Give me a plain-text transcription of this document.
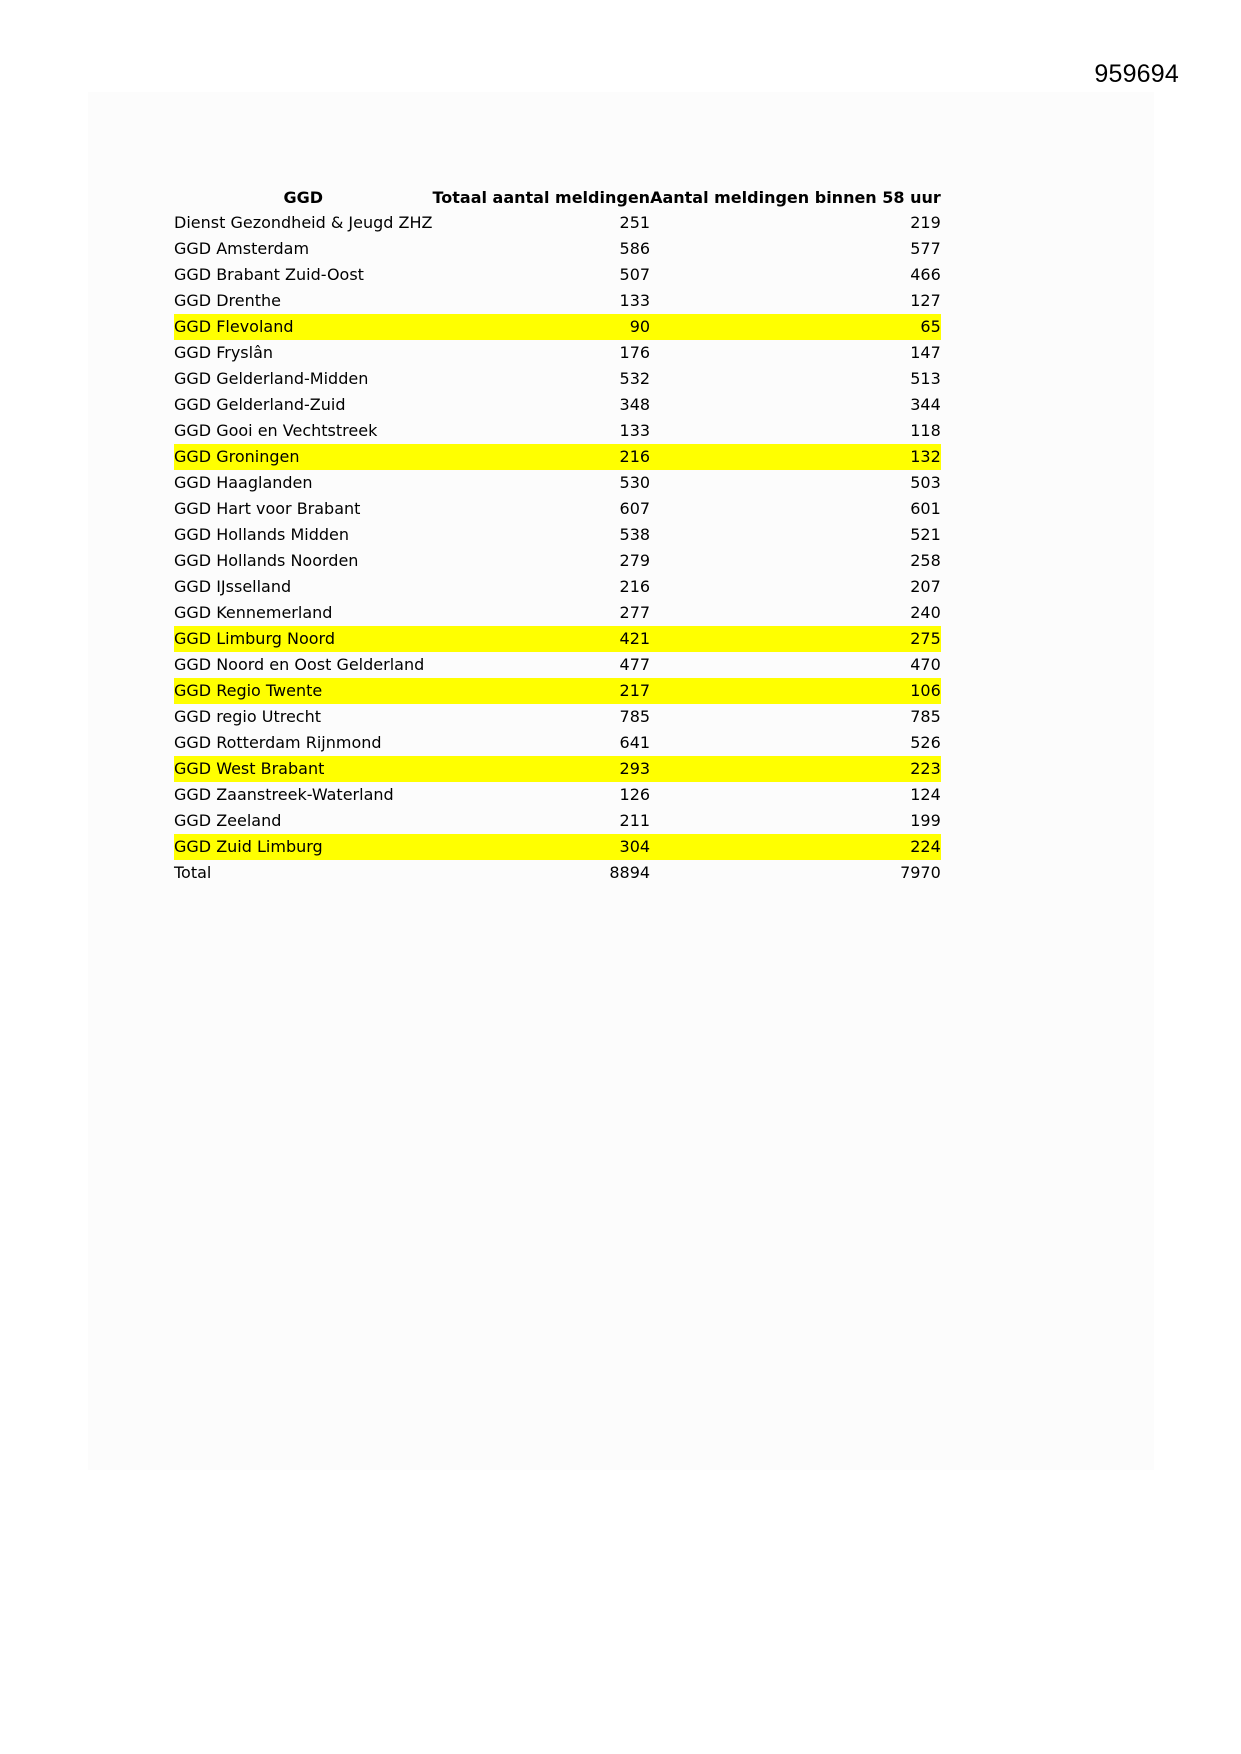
959694
GGD	Totaal aantal meldingen	Aantal meldingen binnen 58 uur
Dienst Gezondheid & Jeugd ZHZ	251	219
GGD Amsterdam	586	577
GGD Brabant Zuid-Oost	507	466
GGD Drenthe	133	127
GGD Flevoland	90	65
GGD Fryslân	176	147
GGD Gelderland-Midden	532	513
GGD Gelderland-Zuid	348	344
GGD Gooi en Vechtstreek	133	118
GGD Groningen	216	132
GGD Haaglanden	530	503
GGD Hart voor Brabant	607	601
GGD Hollands Midden	538	521
GGD Hollands Noorden	279	258
GGD IJsselland	216	207
GGD Kennemerland	277	240
GGD Limburg Noord	421	275
GGD Noord en Oost Gelderland	477	470
GGD Regio Twente	217	106
GGD regio Utrecht	785	785
GGD Rotterdam Rijnmond	641	526
GGD West Brabant	293	223
GGD Zaanstreek-Waterland	126	124
GGD Zeeland	211	199
GGD Zuid Limburg	304	224
Total	8894	7970
